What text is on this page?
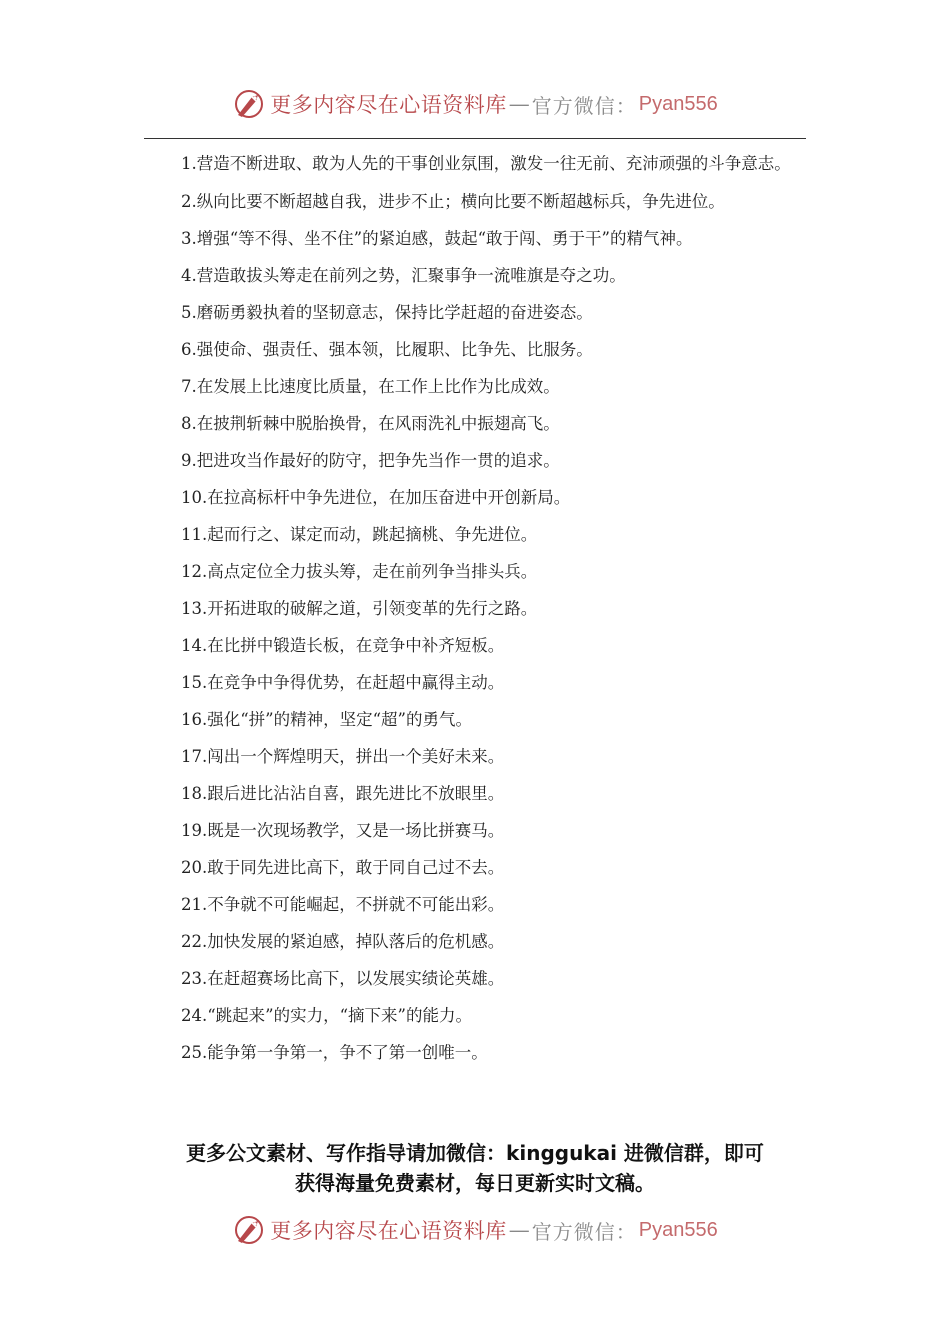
更多内容尽在心语资料库 — 官方微信： Pyan556

1.营造不断进取、敢为人先的干事创业氛围，激发一往无前、充沛顽强的斗争意志。

2.纵向比要不断超越自我，进步不止；横向比要不断超越标兵，争先进位。

3.增强“等不得、坐不住”的紧迫感，鼓起“敢于闯、勇于干”的精气神。

4.营造敢拔头筹走在前列之势，汇聚事争一流唯旗是夺之功。

5.磨砺勇毅执着的坚韧意志，保持比学赶超的奋进姿态。

6.强使命、强责任、强本领，比履职、比争先、比服务。

7.在发展上比速度比质量，在工作上比作为比成效。

8.在披荆斩棘中脱胎换骨，在风雨洗礼中振翅高飞。

9.把进攻当作最好的防守，把争先当作一贯的追求。

10.在拉高标杆中争先进位，在加压奋进中开创新局。

11.起而行之、谋定而动，跳起摘桃、争先进位。

12.高点定位全力拔头筹，走在前列争当排头兵。

13.开拓进取的破解之道，引领变革的先行之路。

14.在比拼中锻造长板，在竞争中补齐短板。

15.在竞争中争得优势，在赶超中赢得主动。

16.强化“拼”的精神，坚定“超”的勇气。

17.闯出一个辉煌明天，拼出一个美好未来。

18.跟后进比沾沾自喜，跟先进比不放眼里。

19.既是一次现场教学，又是一场比拼赛马。

20.敢于同先进比高下，敢于同自己过不去。

21.不争就不可能崛起，不拼就不可能出彩。

22.加快发展的紧迫感，掉队落后的危机感。

23.在赶超赛场比高下，以发展实绩论英雄。

24.“跳起来”的实力，“摘下来”的能力。

25.能争第一争第一，争不了第一创唯一。

更多公文素材、写作指导请加微信：kinggukai 进微信群，即可
获得海量免费素材，每日更新实时文稿。
更多内容尽在心语资料库 — 官方微信： Pyan556
